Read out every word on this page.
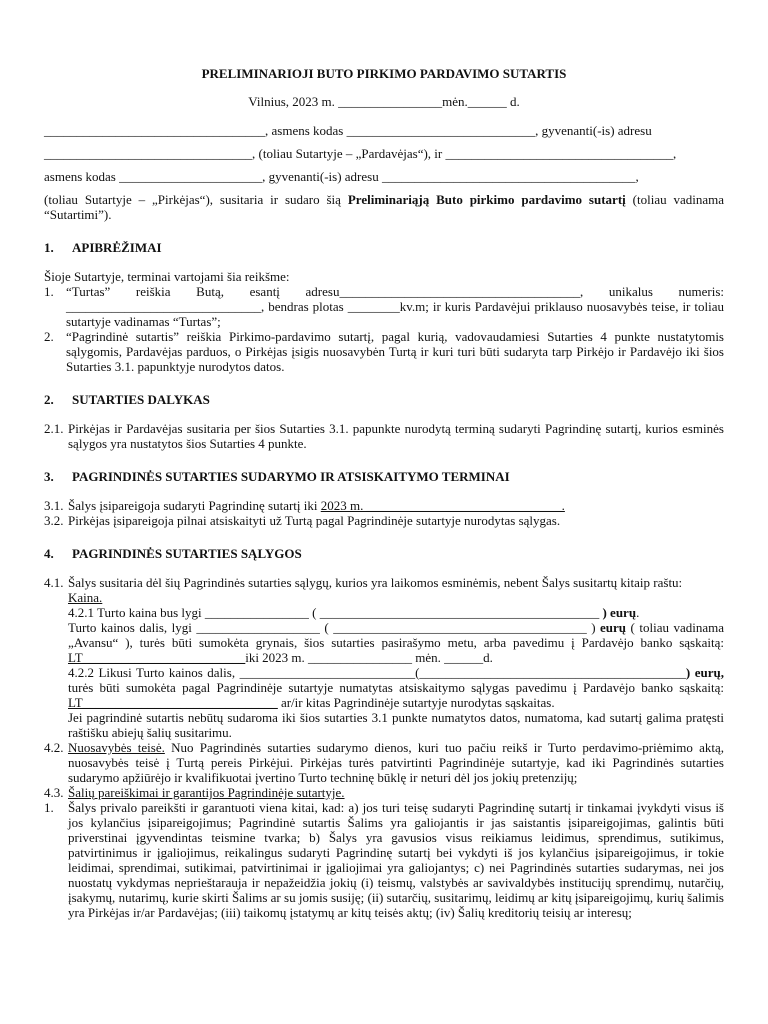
PRELIMINARIOJI BUTO PIRKIMO PARDAVIMO SUTARTIS

Vilnius, 2023 m. ________________mėn.______ d.

__________________________________, asmens kodas _____________________________, gyvenanti(-is) adresu

________________________________, (toliau Sutartyje – „Pardavėjas“), ir ___________________________________,

asmens kodas ______________________, gyvenanti(-is) adresu _______________________________________,

(toliau Sutartyje – „Pirkėjas“), susitaria ir sudaro šią Preliminariąją Buto pirkimo pardavimo sutartį (toliau vadinama “Sutartimi”).

1.	APIBRĖŽIMAI

Šioje Sutartyje, terminai vartojami šia reikšme:

1. “Turtas” reiškia Butą, esantį adresu_____________________________________, unikalus numeris: ______________________________, bendras plotas ________kv.m; ir kuris Pardavėjui priklauso nuosavybės teise, ir toliau sutartyje vadinamas “Turtas”;
2. “Pagrindinė sutartis” reiškia Pirkimo-pardavimo sutartį, pagal kurią, vadovaudamiesi Sutarties 4 punkte nustatytomis sąlygomis, Pardavėjas parduos, o Pirkėjas įsigis nuosavybėn Turtą ir kuri turi būti sudaryta tarp Pirkėjo ir Pardavėjo iki šios Sutarties 3.1. papunktyje nurodytos datos.
2.	SUTARTIES DALYKAS
2.1. Pirkėjas ir Pardavėjas susitaria per šios Sutarties 3.1. papunkte nurodytą terminą sudaryti Pagrindinę sutartį, kurios esminės sąlygos yra nustatytos šios Sutarties 4 punkte.
3.	PAGRINDINĖS SUTARTIES SUDARYMO IR ATSISKAITYMO TERMINAI
3.1. Šalys įsipareigoja sudaryti Pagrindinę sutartį iki 2023 m. ______________________________.
3.2. Pirkėjas įsipareigoja pilnai atsiskaityti už Turtą pagal Pagrindinėje sutartyje nurodytas sąlygas.
4.	PAGRINDINĖS SUTARTIES SĄLYGOS
4.1. Šalys susitaria dėl šių Pagrindinės sutarties sąlygų, kurios yra laikomos esminėmis, nebent Šalys susitartų kitaip raštu:

Kaina.

4.2.1 Turto kaina bus lygi ________________ ( ___________________________________________ ) eurų.

Turto kainos dalis, lygi ___________________ ( _______________________________________ ) eurų ( toliau vadinama „Avansu“ ), turės būti sumokėta grynais, šios sutarties pasirašymo metu, arba pavedimu į Pardavėjo banko sąskaitą: LT_________________________iki 2023 m. ________________ mėn. ______d.

4.2.2 Likusi Turto kainos dalis, ___________________________(_________________________________________) eurų, turės būti sumokėta pagal Pagrindinėje sutartyje numatytas atsiskaitymo sąlygas pavedimu į Pardavėjo banko sąskaitą: LT______________________________ ar/ir kitas Pagrindinėje sutartyje nurodytas sąskaitas.

Jei pagrindinė sutartis nebūtų sudaroma iki šios sutarties 3.1 punkte numatytos datos, numatoma, kad sutartį galima pratęsti raštišku abiejų šalių susitarimu.

4.2. Nuosavybės teisė. Nuo Pagrindinės sutarties sudarymo dienos, kuri tuo pačiu reikš ir Turto perdavimo-priėmimo aktą, nuosavybės teisė į Turtą pereis Pirkėjui. Pirkėjas turės patvirtinti Pagrindinėje sutartyje, kad iki Pagrindinės sutarties sudarymo apžiūrėjo ir kvalifikuotai įvertino Turto techninę būklę ir neturi dėl jos jokių pretenzijų;
4.3. Šalių pareiškimai ir garantijos Pagrindinėje sutartyje.
1.	Šalys privalo pareikšti ir garantuoti viena kitai, kad: a) jos turi teisę sudaryti Pagrindinę sutartį ir tinkamai įvykdyti visus iš jos kylančius įsipareigojimus; Pagrindinė sutartis Šalims yra galiojantis ir jas saistantis įsipareigojimas, galintis būti priverstinai įgyvendintas teismine tvarka; b) Šalys yra gavusios visus reikiamus leidimus, sprendimus, sutikimus, patvirtinimus ir įgaliojimus, reikalingus sudaryti Pagrindinę sutartį bei vykdyti iš jos kylančius įsipareigojimus, ir tokie leidimai, sprendimai, sutikimai, patvirtinimai ir įgaliojimai yra galiojantys; c) nei Pagrindinės sutarties sudarymas, nei jos nuostatų vykdymas neprieštarauja ir nepažeidžia jokių (i) teismų, valstybės ar savivaldybės institucijų sprendimų, nutarčių, įsakymų, nutarimų, kurie skirti Šalims ar su jomis susiję; (ii) sutarčių, susitarimų, leidimų ar kitų įsipareigojimų, kurių šalimis yra Pirkėjas ir/ar Pardavėjas; (iii) taikomų įstatymų ar kitų teisės aktų; (iv) Šalių kreditorių teisių ar interesų;
